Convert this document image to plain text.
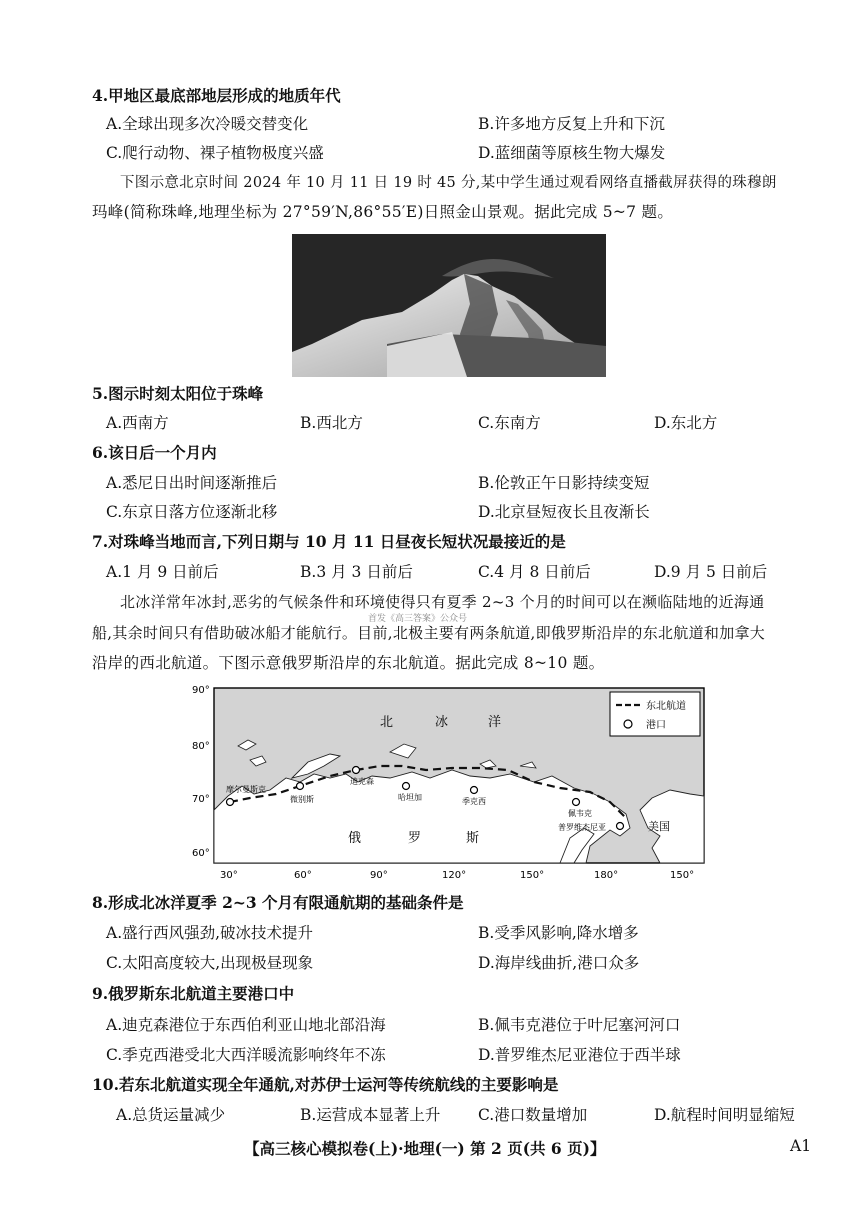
4.甲地区最底部地层形成的地质年代
A.全球出现多次冷暖交替变化	B.许多地方反复上升和下沉
C.爬行动物、裸子植物极度兴盛	D.蓝细菌等原核生物大爆发
下图示意北京时间 2024 年 10 月 11 日 19 时 45 分,某中学生通过观看网络直播截屏获得的珠穆朗
玛峰(简称珠峰,地理坐标为 27°59′N,86°55′E)日照金山景观。据此完成 5~7 题。
5.图示时刻太阳位于珠峰
A.西南方	B.西北方	C.东南方	D.东北方
6.该日后一个月内
A.悉尼日出时间逐渐推后	B.伦敦正午日影持续变短
C.东京日落方位逐渐北移	D.北京昼短夜长且夜渐长
7.对珠峰当地而言,下列日期与 10 月 11 日昼夜长短状况最接近的是
A.1 月 9 日前后	B.3 月 3 日前后	C.4 月 8 日前后	D.9 月 5 日前后
北冰洋常年冰封,恶劣的气候条件和环境使得只有夏季 2~3 个月的时间可以在濒临陆地的近海通
首发《高三答案》公众号
船,其余时间只有借助破冰船才能航行。目前,北极主要有两条航道,即俄罗斯沿岸的东北航道和加拿大
沿岸的西北航道。下图示意俄罗斯沿岸的东北航道。据此完成 8~10 题。
摩尔曼斯克
微别斯
迪克森
哈坦加	季克西
佩韦克
普罗维杰尼亚
北	冰	洋
俄	罗	斯
美国
90°
80°
70°
60°
30°	60°	90°	120°	150°	180°	150°
东北航道
港口
8.形成北冰洋夏季 2~3 个月有限通航期的基础条件是
A.盛行西风强劲,破冰技术提升	B.受季风影响,降水增多
C.太阳高度较大,出现极昼现象	D.海岸线曲折,港口众多
9.俄罗斯东北航道主要港口中
A.迪克森港位于东西伯利亚山地北部沿海	B.佩韦克港位于叶尼塞河河口
C.季克西港受北大西洋暖流影响终年不冻	D.普罗维杰尼亚港位于西半球
10.若东北航道实现全年通航,对苏伊士运河等传统航线的主要影响是
A.总货运量减少	B.运营成本显著上升 C.港口数量增加	D.航程时间明显缩短
【高三核心模拟卷(上)·地理(一) 第 2 页(共 6 页)】	A1
